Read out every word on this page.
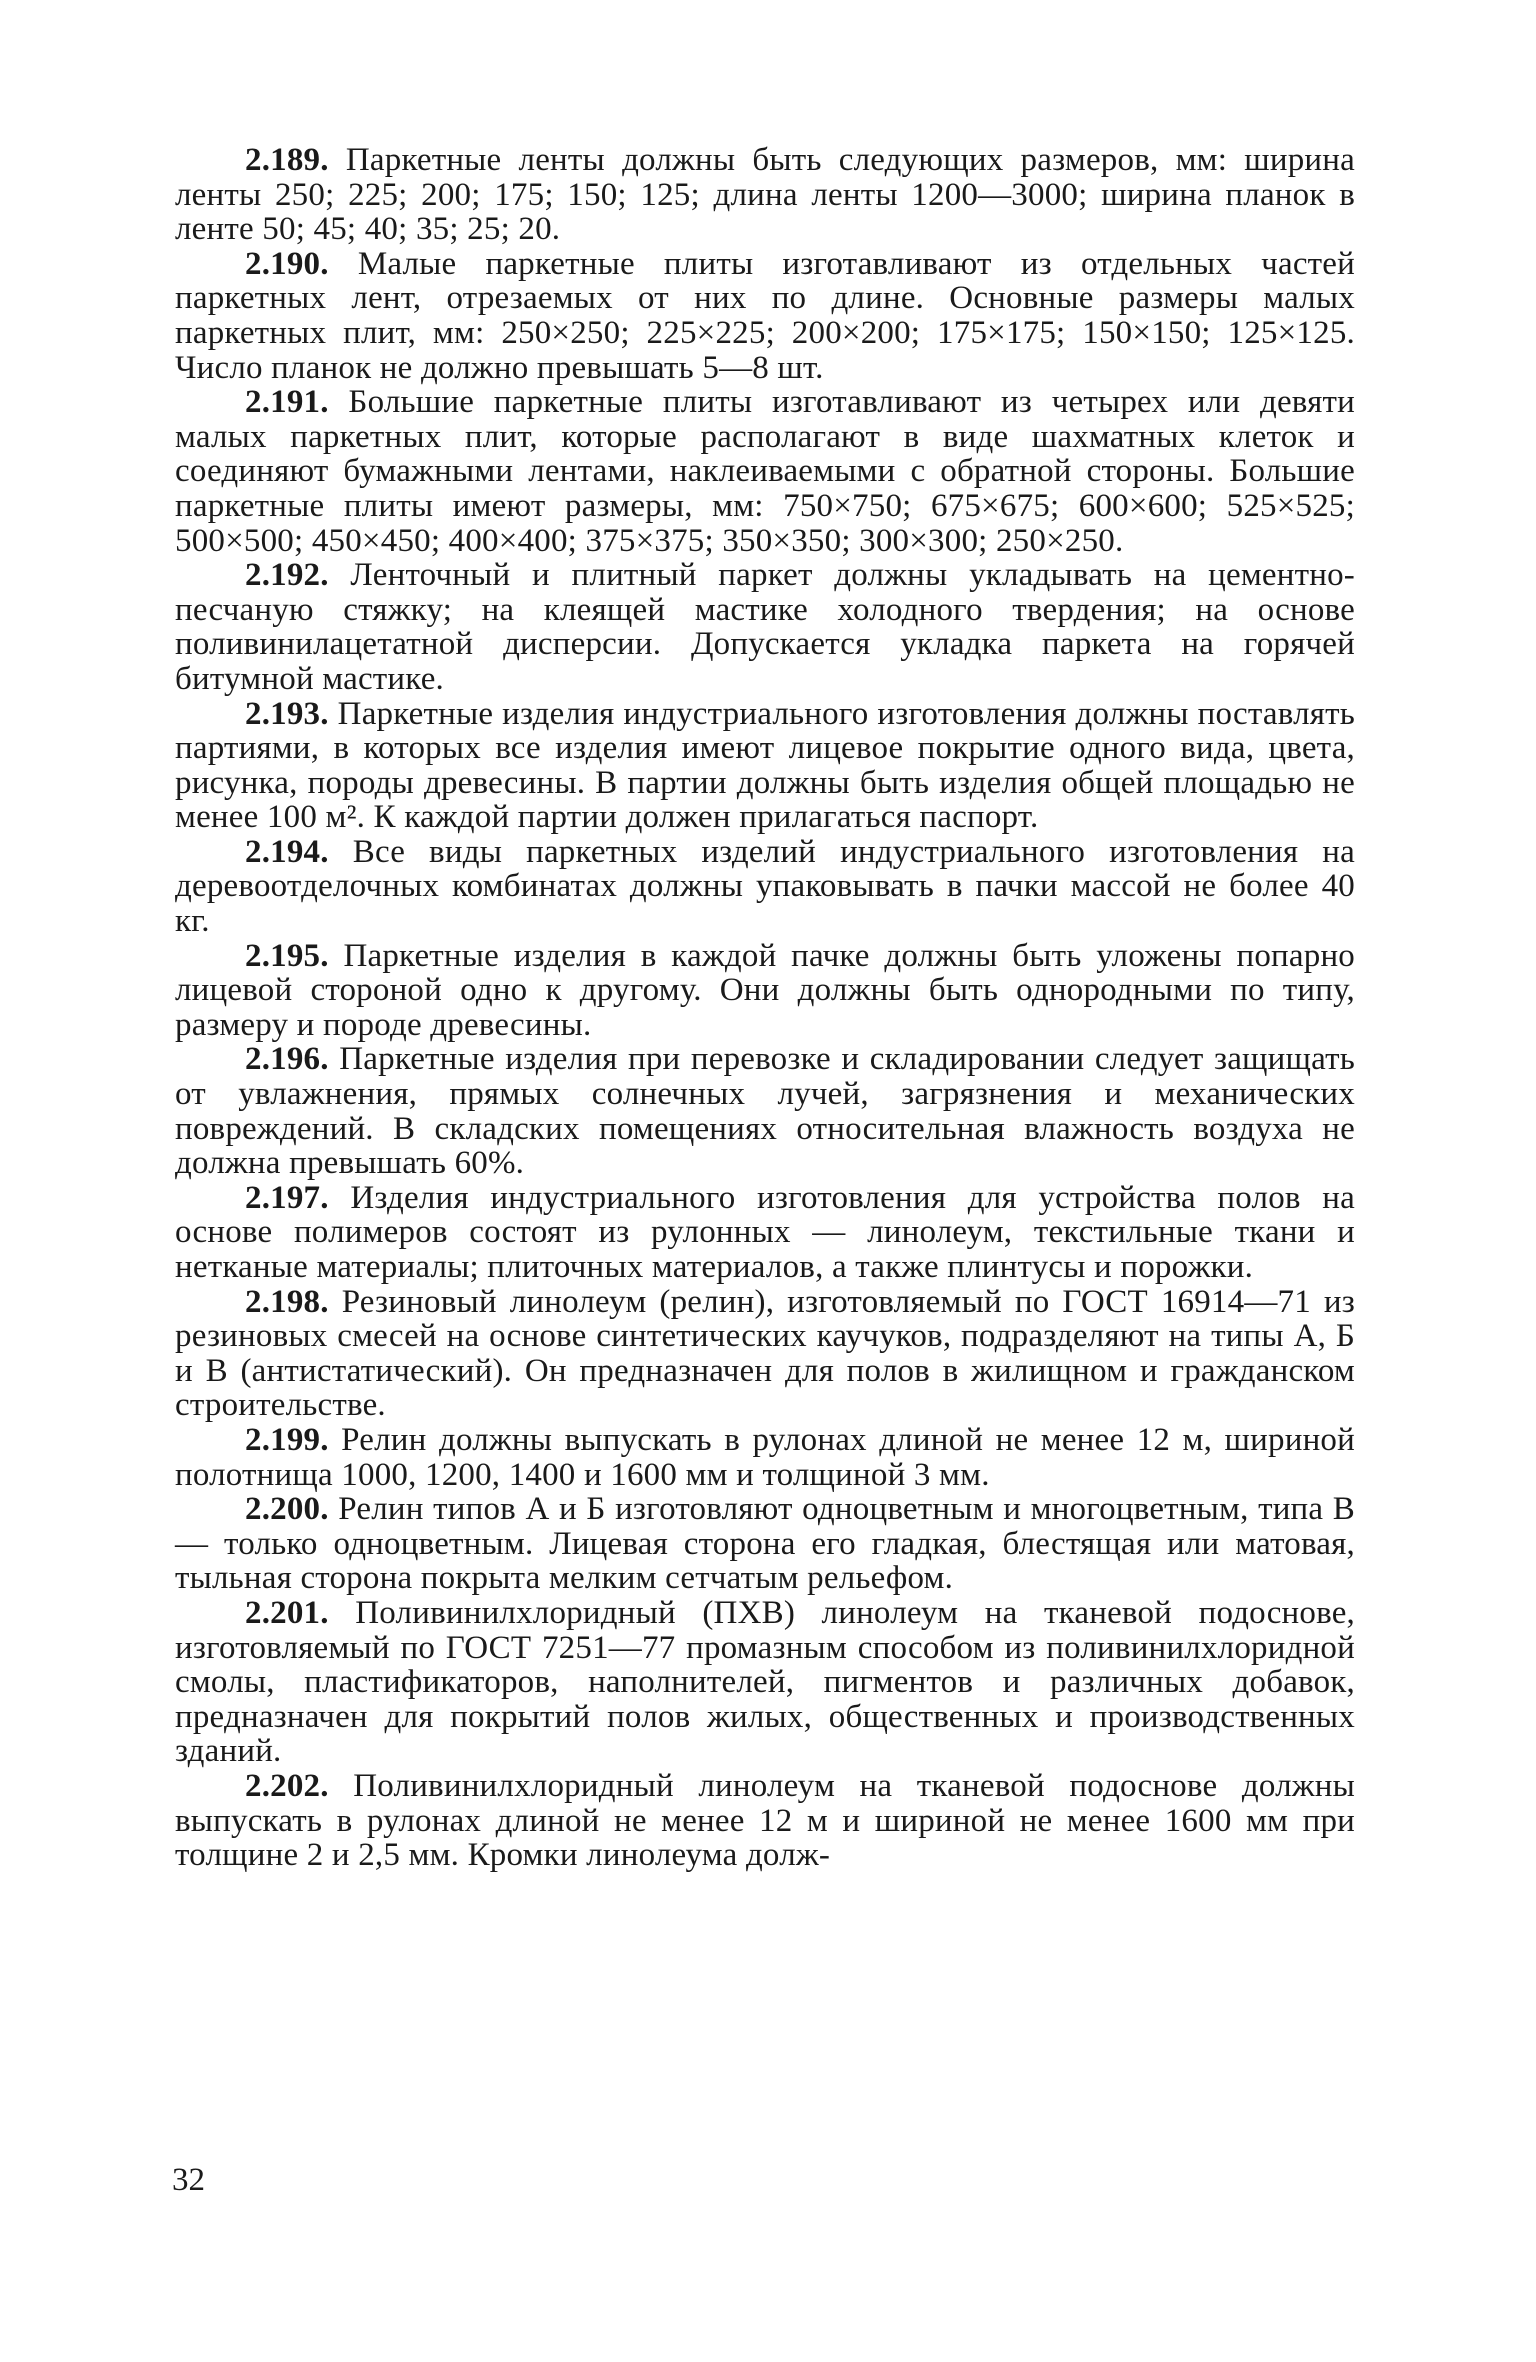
2.189. Паркетные ленты должны быть следующих размеров, мм: ширина ленты 250; 225; 200; 175; 150; 125; длина ленты 1200—3000; ширина планок в ленте 50; 45; 40; 35; 25; 20.

2.190. Малые паркетные плиты изготавливают из отдельных частей паркетных лент, отрезаемых от них по длине. Основные размеры малых паркетных плит, мм: 250×250; 225×225; 200×200; 175×175; 150×150; 125×125. Число планок не должно превышать 5—8 шт.

2.191. Большие паркетные плиты изготавливают из четырех или девяти малых паркетных плит, которые располагают в виде шахматных клеток и соединяют бумажными лентами, наклеиваемыми с обратной стороны. Большие паркетные плиты имеют размеры, мм: 750×750; 675×675; 600×600; 525×525; 500×500; 450×450; 400×400; 375×375; 350×350; 300×300; 250×250.

2.192. Ленточный и плитный паркет должны укладывать на цементно-песчаную стяжку; на клеящей мастике холодного твердения; на основе поливинилацетатной дисперсии. Допускается укладка паркета на горячей битумной мастике.

2.193. Паркетные изделия индустриального изготовления должны поставлять партиями, в которых все изделия имеют лицевое покрытие одного вида, цвета, рисунка, породы древесины. В партии должны быть изделия общей площадью не менее 100 м². К каждой партии должен прилагаться паспорт.

2.194. Все виды паркетных изделий индустриального изготовления на деревоотделочных комбинатах должны упаковывать в пачки массой не более 40 кг.

2.195. Паркетные изделия в каждой пачке должны быть уложены попарно лицевой стороной одно к другому. Они должны быть однородными по типу, размеру и породе древесины.

2.196. Паркетные изделия при перевозке и складировании следует защищать от увлажнения, прямых солнечных лучей, загрязнения и механических повреждений. В складских помещениях относительная влажность воздуха не должна превышать 60%.

2.197. Изделия индустриального изготовления для устройства полов на основе полимеров состоят из рулонных — линолеум, текстильные ткани и нетканые материалы; плиточных материалов, а также плинтусы и порожки.

2.198. Резиновый линолеум (релин), изготовляемый по ГОСТ 16914—71 из резиновых смесей на основе синтетических каучуков, подразделяют на типы А, Б и В (антистатический). Он предназначен для полов в жилищном и гражданском строительстве.

2.199. Релин должны выпускать в рулонах длиной не менее 12 м, шириной полотнища 1000, 1200, 1400 и 1600 мм и толщиной 3 мм.

2.200. Релин типов А и Б изготовляют одноцветным и многоцветным, типа В — только одноцветным. Лицевая сторона его гладкая, блестящая или матовая, тыльная сторона покрыта мелким сетчатым рельефом.

2.201. Поливинилхлоридный (ПХВ) линолеум на тканевой подоснове, изготовляемый по ГОСТ 7251—77 промазным способом из поливинилхлоридной смолы, пластификаторов, наполнителей, пигментов и различных добавок, предназначен для покрытий полов жилых, общественных и производственных зданий.

2.202. Поливинилхлоридный линолеум на тканевой подоснове должны выпускать в рулонах длиной не менее 12 м и шириной не менее 1600 мм при толщине 2 и 2,5 мм. Кромки линолеума долж-

32
